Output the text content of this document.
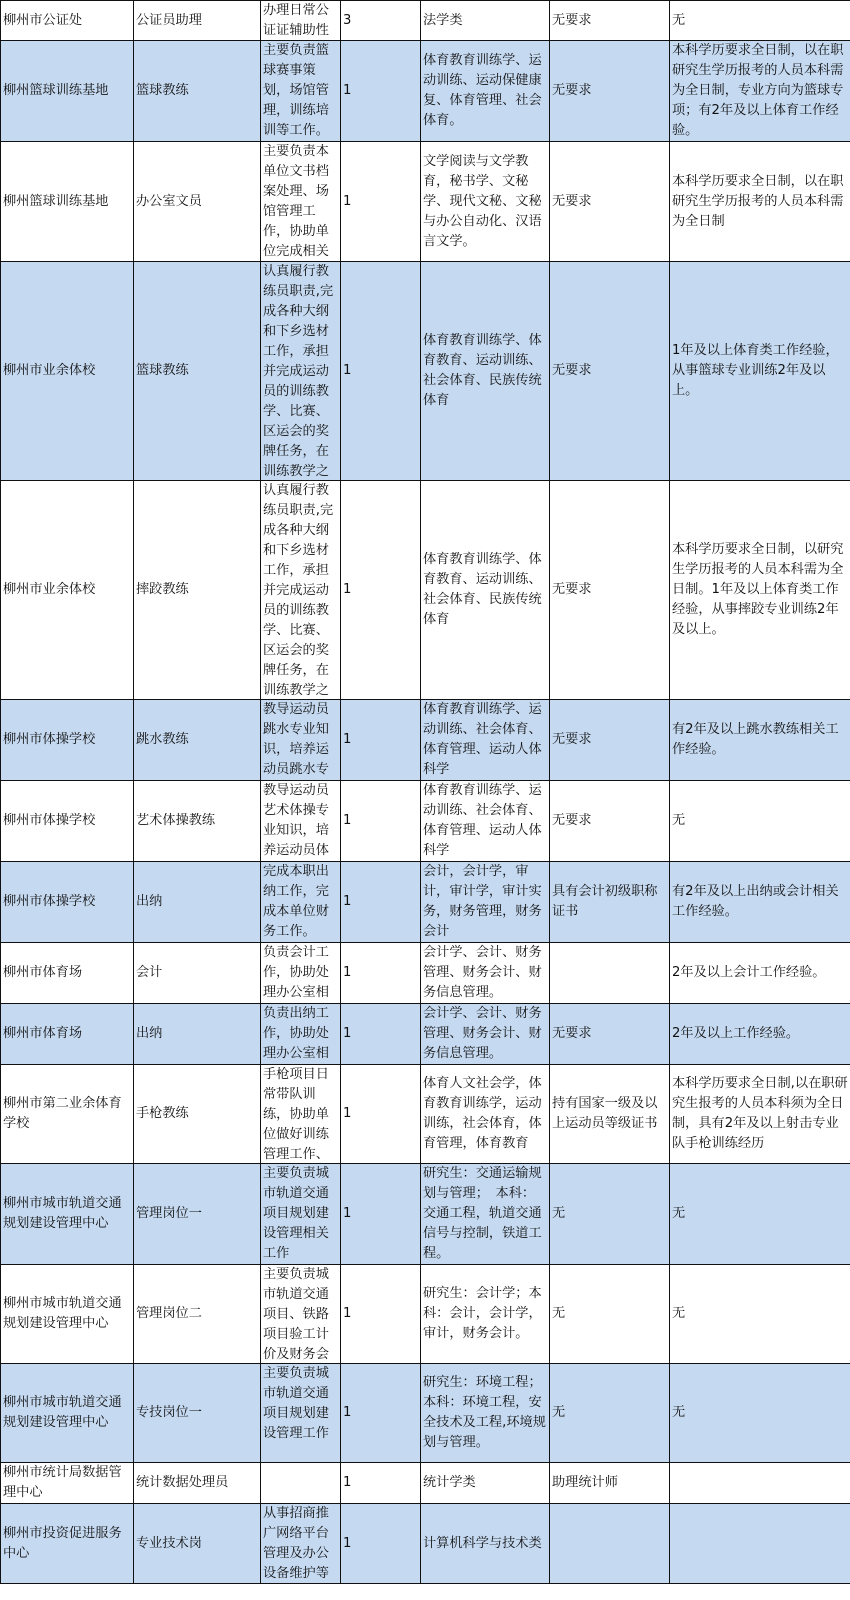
柳州市公证处	公证员助理	办理日常公证证辅助性	3	法学类	无要求	无
柳州篮球训练基地	篮球教练	主要负责篮球赛事策划，场馆管理，训练培训等工作。	1	体育教育训练学、运动训练、运动保健康复、体育管理、社会体育。	无要求	本科学历要求全日制，以在职研究生学历报考的人员本科需为全日制，专业方向为篮球专项；有2年及以上体育工作经验。
柳州篮球训练基地	办公室文员	主要负责本单位文书档案处理、场馆管理工作，协助单位完成相关	1	文学阅读与文学教育，秘书学、文秘学、现代文秘、文秘与办公自动化、汉语言文学。	无要求	本科学历要求全日制，以在职研究生学历报考的人员本科需为全日制
柳州市业余体校	篮球教练	认真履行教练员职责,完成各种大纲和下乡选材工作，承担并完成运动员的训练教学、比赛、区运会的奖牌任务，在训练教学之	1	体育教育训练学、体育教育、运动训练、社会体育、民族传统体育	无要求	1年及以上体育类工作经验，从事篮球专业训练2年及以上。
柳州市业余体校	摔跤教练	认真履行教练员职责,完成各种大纲和下乡选材工作，承担并完成运动员的训练教学、比赛、区运会的奖牌任务，在训练教学之	1	体育教育训练学、体育教育、运动训练、社会体育、民族传统体育	无要求	本科学历要求全日制，以研究生学历报考的人员本科需为全日制。1年及以上体育类工作经验，从事摔跤专业训练2年及以上。
柳州市体操学校	跳水教练	教导运动员跳水专业知识，培养运动员跳水专	1	体育教育训练学、运动训练、社会体育、体育管理、运动人体科学	无要求	有2年及以上跳水教练相关工作经验。
柳州市体操学校	艺术体操教练	教导运动员艺术体操专业知识，培养运动员体	1	体育教育训练学、运动训练、社会体育、体育管理、运动人体科学	无要求	无
柳州市体操学校	出纳	完成本职出纳工作，完成本单位财务工作。	1	会计，会计学，审计，审计学，审计实务，财务管理，财务会计	具有会计初级职称证书	有2年及以上出纳或会计相关工作经验。
柳州市体育场	会计	负责会计工作，协助处理办公室相	1	会计学、会计、财务管理、财务会计、财务信息管理。		2年及以上会计工作经验。
柳州市体育场	出纳	负责出纳工作，协助处理办公室相	1	会计学、会计、财务管理、财务会计、财务信息管理。	无要求	2年及以上工作经验。
柳州市第二业余体育学校	手枪教练	手枪项目日常带队训练，协助单位做好训练管理工作、	1	体育人文社会学，体育教育训练学，运动训练，社会体育，体育管理，体育教育	持有国家一级及以上运动员等级证书	本科学历要求全日制,以在职研究生报考的人员本科须为全日制，具有2年及以上射击专业队手枪训练经历
柳州市城市轨道交通规划建设管理中心	管理岗位一	主要负责城市轨道交通项目规划建设管理相关工作	1	研究生：交通运输规划与管理；　本科：交通工程，轨道交通信号与控制，铁道工程。	无	无
柳州市城市轨道交通规划建设管理中心	管理岗位二	主要负责城市轨道交通项目、铁路项目验工计价及财务会	1	研究生：会计学；本科：会计，会计学，审计，财务会计。	无	无
柳州市城市轨道交通规划建设管理中心	专技岗位一	主要负责城市轨道交通项目规划建设管理工作	1	研究生：环境工程；本科：环境工程，安全技术及工程,环境规划与管理。	无	无
柳州市统计局数据管理中心	统计数据处理员		1	统计学类	助理统计师	
柳州市投资促进服务中心	专业技术岗	从事招商推广网络平台管理及办公设备维护等	1	计算机科学与技术类		
